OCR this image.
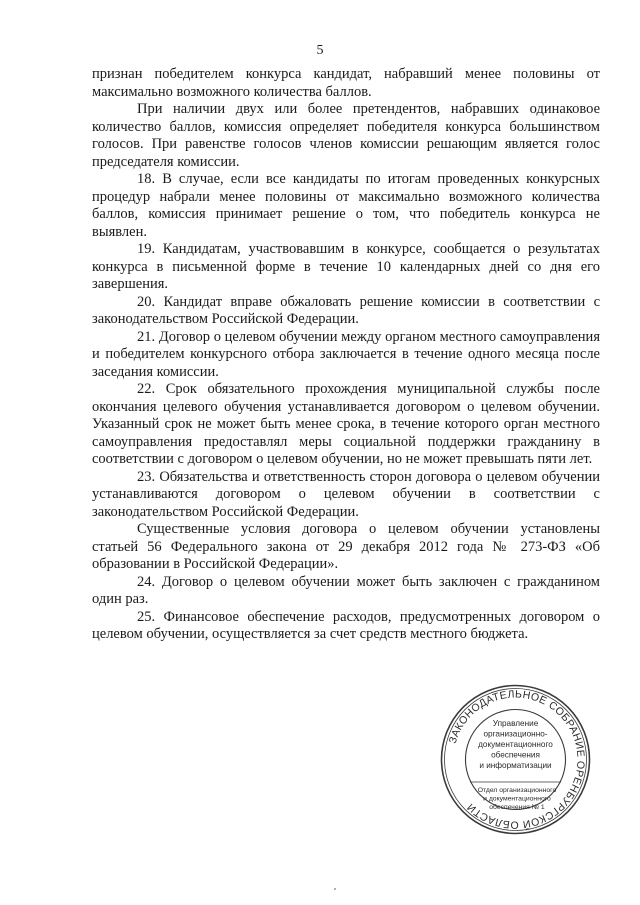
5

признан победителем конкурса кандидат, набравший менее половины от максимально возможного количества баллов.

При наличии двух или более претендентов, набравших одинаковое количество баллов, комиссия определяет победителя конкурса большинством голосов. При равенстве голосов членов комиссии решающим является голос председателя комиссии.

18. В случае, если все кандидаты по итогам проведенных конкурсных процедур набрали менее половины от максимально возможного количества баллов, комиссия принимает решение о том, что победитель конкурса не выявлен.

19. Кандидатам, участвовавшим в конкурсе, сообщается о результатах конкурса в письменной форме в течение 10 календарных дней со дня его завершения.

20. Кандидат вправе обжаловать решение комиссии в соответствии с законодательством Российской Федерации.

21. Договор о целевом обучении между органом местного самоуправления и победителем конкурсного отбора заключается в течение одного месяца после заседания комиссии.

22. Срок обязательного прохождения муниципальной службы после окончания целевого обучения устанавливается договором о целевом обучении. Указанный срок не может быть менее срока, в течение которого орган местного самоуправления предоставлял меры социальной поддержки гражданину в соответствии с договором о целевом обучении, но не может превышать пяти лет.

23. Обязательства и ответственность сторон договора о целевом обучении устанавливаются договором о целевом обучении в соответствии с законодательством Российской Федерации.

Существенные условия договора о целевом обучении установлены статьей 56 Федерального закона от 29 декабря 2012 года № 273-ФЗ «Об образовании в Российской Федерации».

24. Договор о целевом обучении может быть заключен с гражданином один раз.

25. Финансовое обеспечение расходов, предусмотренных договором о целевом обучении, осуществляется за счет средств местного бюджета.

ЗАКОНОДАТЕЛЬНОЕ СОБРАНИЕ ОРЕНБУРГСКОЙ ОБЛАСТИ
Управление
организационно-
документационного
обеспечения
и информатизации
Отдел организационного
и документационного
обеспечения № 1
